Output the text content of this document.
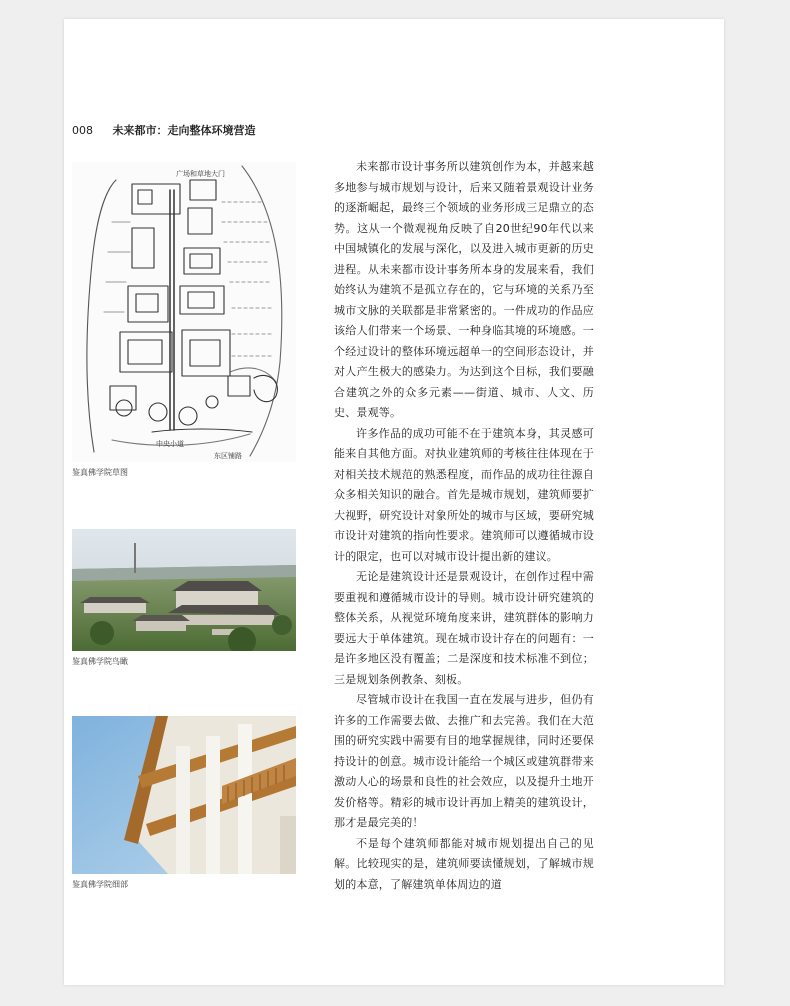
008 未来都市：走向整体环境营造
中央小道
东区铺路
广场和草地大门
鉴真佛学院草图
鉴真佛学院鸟瞰
鉴真佛学院细部

未来都市设计事务所以建筑创作为本，并越来越多地参与城市规划与设计，后来又随着景观设计业务的逐渐崛起，最终三个领域的业务形成三足鼎立的态势。这从一个微观视角反映了自20世纪90年代以来中国城镇化的发展与深化，以及进入城市更新的历史进程。从未来都市设计事务所本身的发展来看，我们始终认为建筑不是孤立存在的，它与环境的关系乃至城市文脉的关联都是非常紧密的。一件成功的作品应该给人们带来一个场景、一种身临其境的环境感。一个经过设计的整体环境远超单一的空间形态设计，并对人产生极大的感染力。为达到这个目标，我们要融合建筑之外的众多元素——街道、城市、人文、历史、景观等。

许多作品的成功可能不在于建筑本身，其灵感可能来自其他方面。对执业建筑师的考核往往体现在于对相关技术规范的熟悉程度，而作品的成功往往源自众多相关知识的融合。首先是城市规划，建筑师要扩大视野，研究设计对象所处的城市与区域，要研究城市设计对建筑的指向性要求。建筑师可以遵循城市设计的限定，也可以对城市设计提出新的建议。

无论是建筑设计还是景观设计，在创作过程中需要重视和遵循城市设计的导则。城市设计研究建筑的整体关系，从视觉环境角度来讲，建筑群体的影响力要远大于单体建筑。现在城市设计存在的问题有：一是许多地区没有覆盖；二是深度和技术标准不到位；三是规划条例教条、刻板。

尽管城市设计在我国一直在发展与进步，但仍有许多的工作需要去做、去推广和去完善。我们在大范围的研究实践中需要有目的地掌握规律，同时还要保持设计的创意。城市设计能给一个城区或建筑群带来激动人心的场景和良性的社会效应，以及提升土地开发价格等。精彩的城市设计再加上精美的建筑设计，那才是最完美的！

不是每个建筑师都能对城市规划提出自己的见解。比较现实的是，建筑师要读懂规划，了解城市规划的本意，了解建筑单体周边的道
